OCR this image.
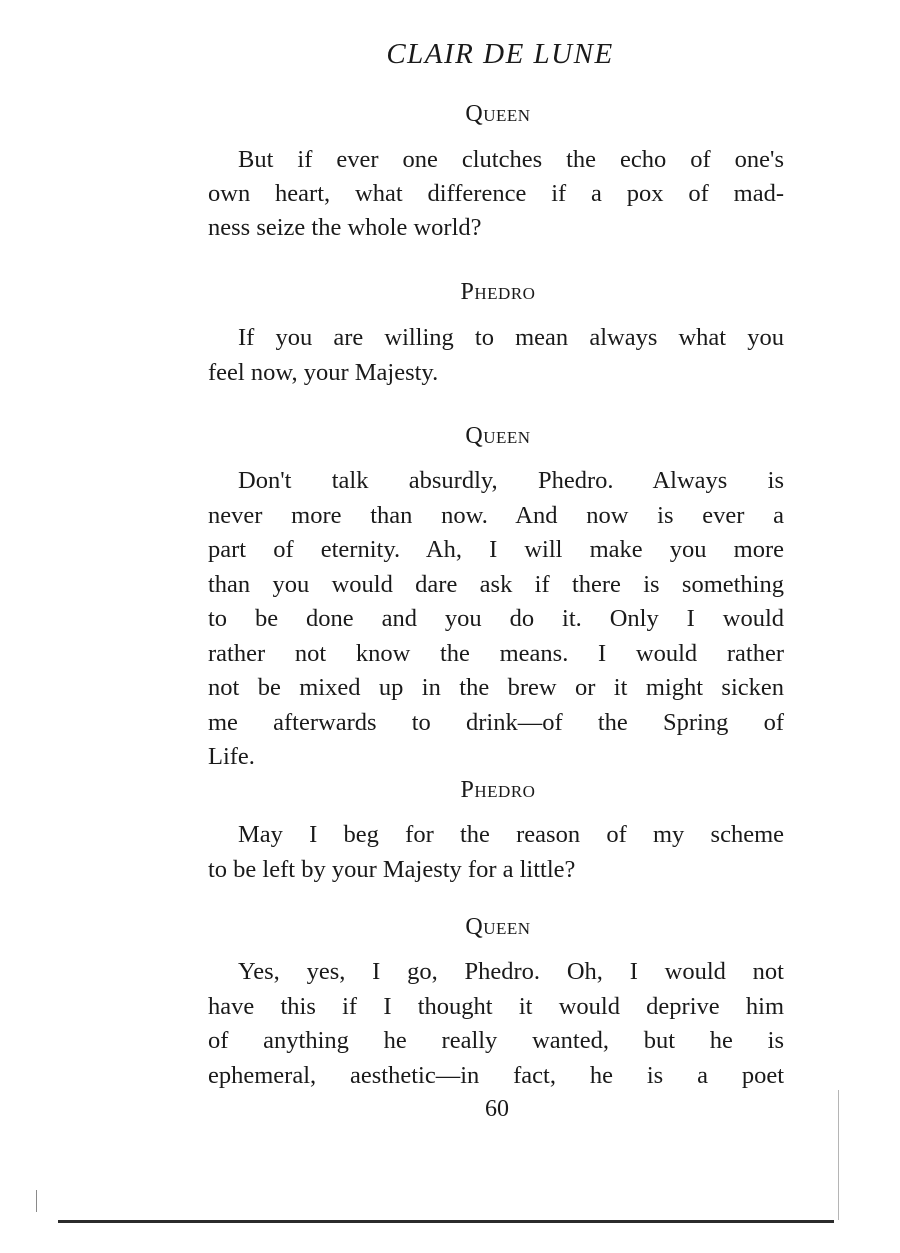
CLAIR DE LUNE
Queen
But if ever one clutches the echo of one's
own heart, what difference if a pox of mad-
ness seize the whole world?
Phedro
If you are willing to mean always what you
feel now, your Majesty.
Queen
Don't talk absurdly, Phedro. Always is
never more than now. And now is ever a
part of eternity. Ah, I will make you more
than you would dare ask if there is something
to be done and you do it. Only I would
rather not know the means. I would rather
not be mixed up in the brew or it might sicken
me afterwards to drink—of the Spring of
Life.
Phedro
May I beg for the reason of my scheme
to be left by your Majesty for a little?
Queen
Yes, yes, I go, Phedro. Oh, I would not
have this if I thought it would deprive him
of anything he really wanted, but he is
ephemeral, aesthetic—in fact, he is a poet
60
